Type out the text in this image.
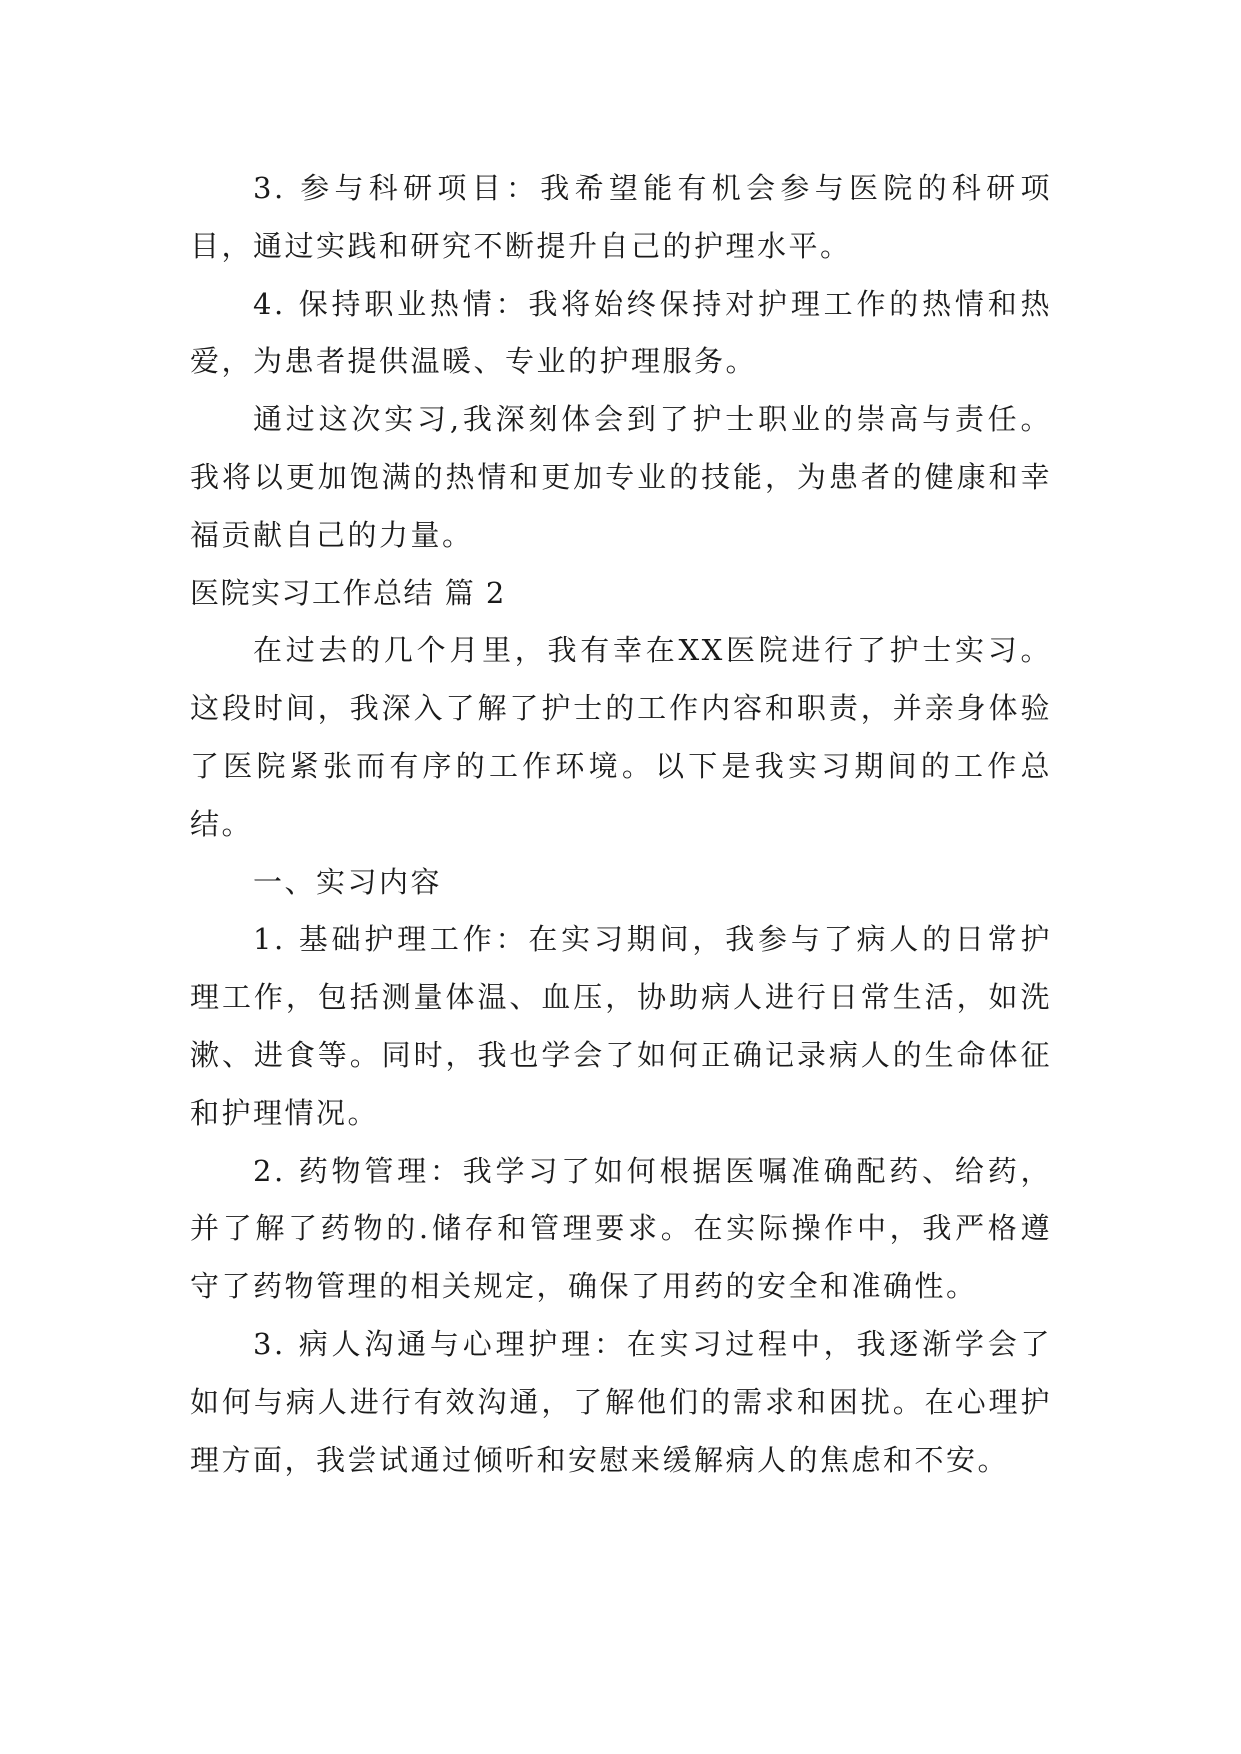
3. 参与科研项目：我希望能有机会参与医院的科研项目，通过实践和研究不断提升自己的护理水平。

4. 保持职业热情：我将始终保持对护理工作的热情和热爱，为患者提供温暖、专业的护理服务。

通过这次实习,我深刻体会到了护士职业的崇高与责任。我将以更加饱满的热情和更加专业的技能，为患者的健康和幸福贡献自己的力量。

医院实习工作总结 篇 2

在过去的几个月里，我有幸在XX医院进行了护士实习。这段时间，我深入了解了护士的工作内容和职责，并亲身体验了医院紧张而有序的工作环境。以下是我实习期间的工作总结。

一、实习内容

1. 基础护理工作：在实习期间，我参与了病人的日常护理工作，包括测量体温、血压，协助病人进行日常生活，如洗漱、进食等。同时，我也学会了如何正确记录病人的生命体征和护理情况。

2. 药物管理：我学习了如何根据医嘱准确配药、给药，并了解了药物的.储存和管理要求。在实际操作中，我严格遵守了药物管理的相关规定，确保了用药的安全和准确性。

3. 病人沟通与心理护理：在实习过程中，我逐渐学会了如何与病人进行有效沟通，了解他们的需求和困扰。在心理护理方面，我尝试通过倾听和安慰来缓解病人的焦虑和不安。
